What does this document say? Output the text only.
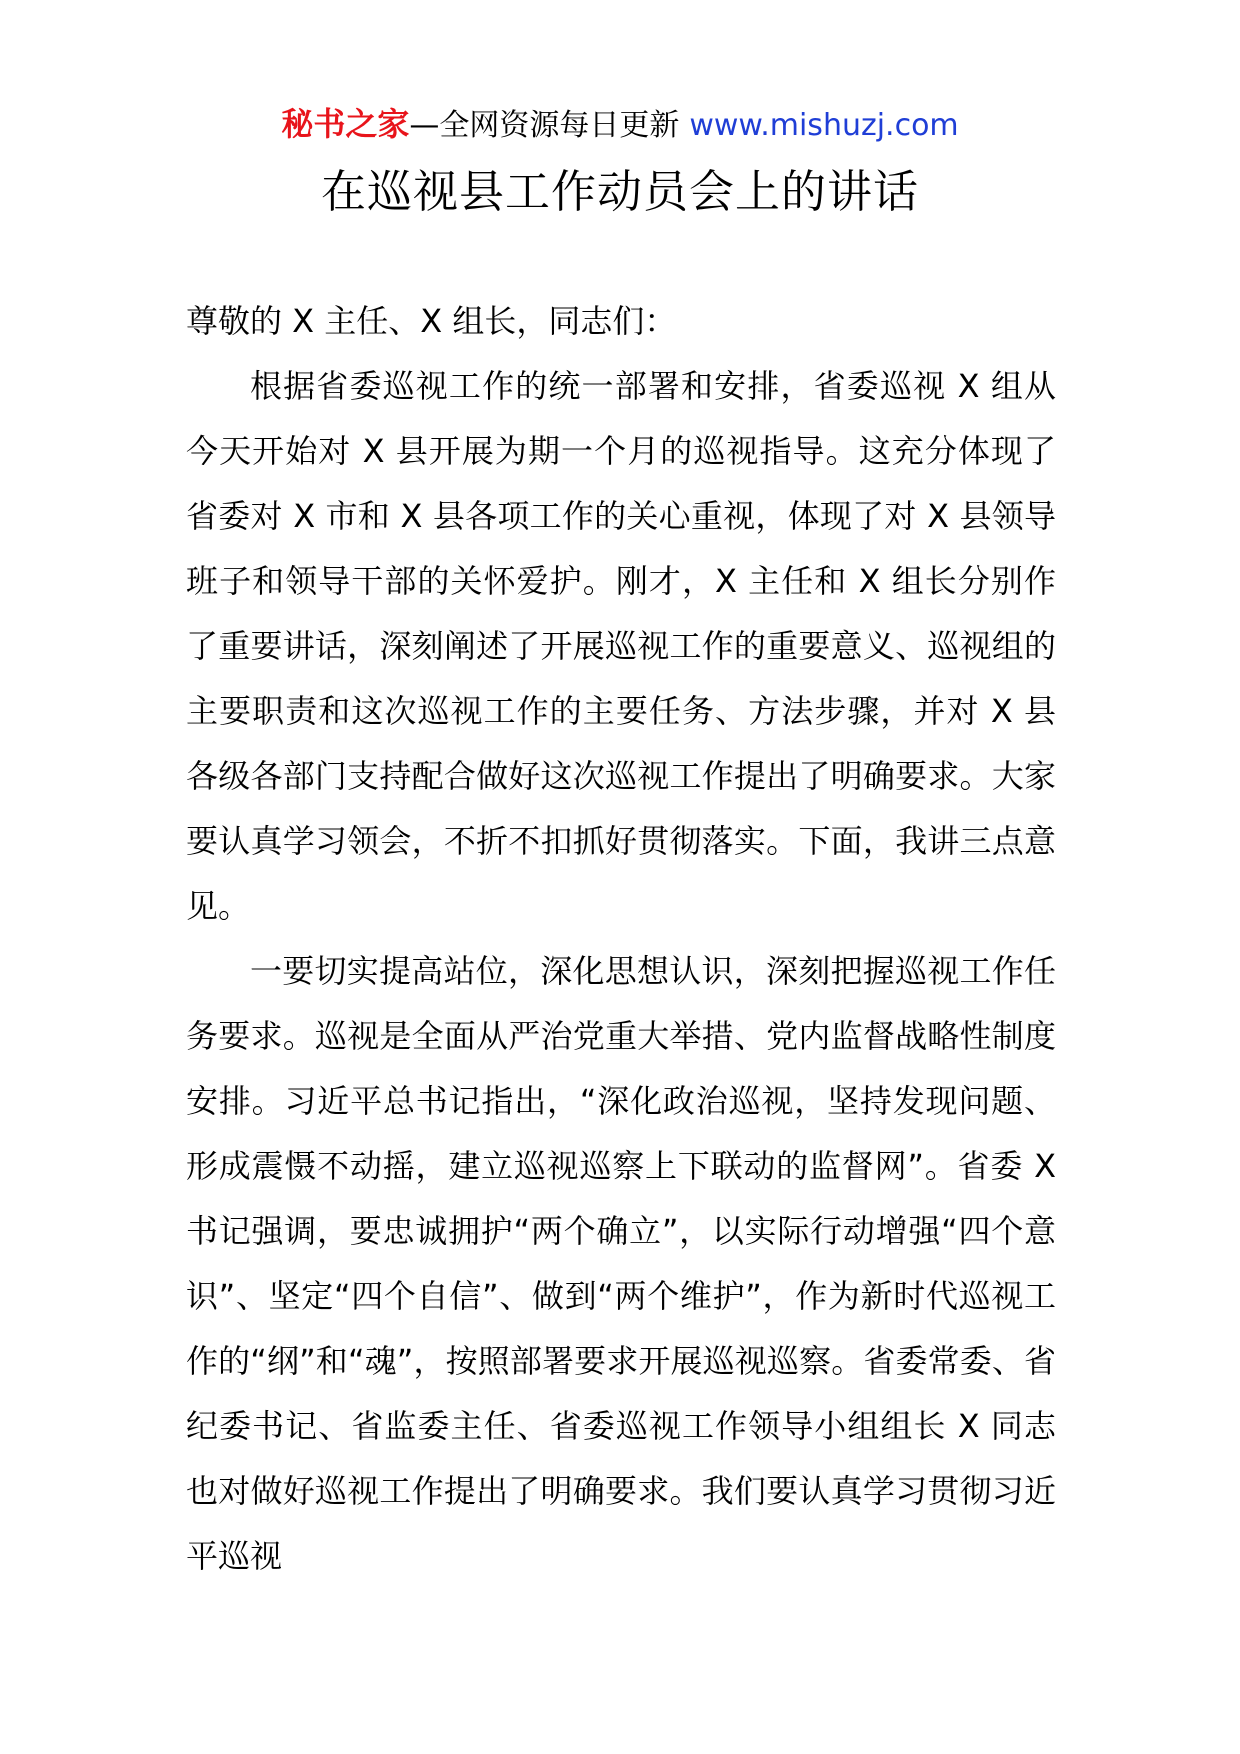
秘书之家—全网资源每日更新 www.mishuzj.com
在巡视县工作动员会上的讲话

尊敬的 X 主任、X 组长，同志们：

根据省委巡视工作的统一部署和安排，省委巡视 X 组从今天开始对 X 县开展为期一个月的巡视指导。这充分体现了省委对 X 市和 X 县各项工作的关心重视，体现了对 X 县领导班子和领导干部的关怀爱护。刚才，X 主任和 X 组长分别作了重要讲话，深刻阐述了开展巡视工作的重要意义、巡视组的主要职责和这次巡视工作的主要任务、方法步骤，并对 X 县各级各部门支持配合做好这次巡视工作提出了明确要求。大家要认真学习领会，不折不扣抓好贯彻落实。下面，我讲三点意见。

一要切实提高站位，深化思想认识，深刻把握巡视工作任务要求。巡视是全面从严治党重大举措、党内监督战略性制度安排。习近平总书记指出，“深化政治巡视，坚持发现问题、形成震慑不动摇，建立巡视巡察上下联动的监督网”。省委 X 书记强调，要忠诚拥护“两个确立”，以实际行动增强“四个意识”、坚定“四个自信”、做到“两个维护”，作为新时代巡视工作的“纲”和“魂”，按照部署要求开展巡视巡察。省委常委、省纪委书记、省监委主任、省委巡视工作领导小组组长 X 同志也对做好巡视工作提出了明确要求。我们要认真学习贯彻习近平巡视
